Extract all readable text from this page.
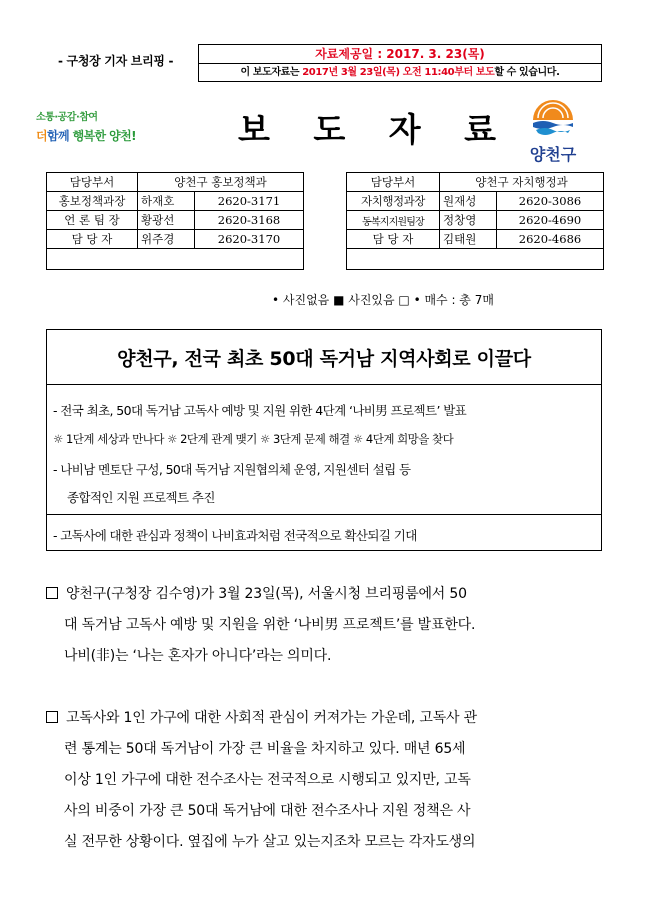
- 구청장 기자 브리핑 -	자료제공일 : 2017. 3. 23(목)
이 보도자료는 2017년 3월 23일(목) 오전 11:40부터 보도할 수 있습니다.
소통·공감·참여
더함께 행복한 양천!	보 도 자 료
양천구
담당부서	양천구 홍보정책과	
홍보정책과장	하재호	2620-3171
언 론 팀 장	황광선	2620-3168
담 당 자	위주경	2620-3170

담당부서	양천구 자치행정과	
자치행정과장	원재성	2620-3086
동복지지원팀장	정창영	2620-4690
담 당 자	김태원	2620-4686

• 사진없음 ■ 사진있음 □ • 매수 : 총 7매
양천구, 전국 최초 50대 독거남 지역사회로 이끌다
- 전국 최초, 50대 독거남 고독사 예방 및 지원 위한 4단계 ‘나비男 프로젝트’ 발표
☼ 1단계 세상과 만나다 ☼ 2단계 관계 맺기 ☼ 3단계 문제 해결 ☼ 4단계 희망을 찾다
- 나비남 멘토단 구성, 50대 독거남 지원협의체 운영, 지원센터 설립 등
종합적인 지원 프로젝트 추진
- 고독사에 대한 관심과 정책이 나비효과처럼 전국적으로 확산되길 기대
양천구(구청장 김수영)가 3월 23일(목), 서울시청 브리핑룸에서 50
대 독거남 고독사 예방 및 지원을 위한 ‘나비男 프로젝트’를 발표한다.
나비(非)는 ‘나는 혼자가 아니다’라는 의미다.
고독사와 1인 가구에 대한 사회적 관심이 커져가는 가운데, 고독사 관
련 통계는 50대 독거남이 가장 큰 비율을 차지하고 있다. 매년 65세
이상 1인 가구에 대한 전수조사는 전국적으로 시행되고 있지만, 고독
사의 비중이 가장 큰 50대 독거남에 대한 전수조사나 지원 정책은 사
실 전무한 상황이다. 옆집에 누가 살고 있는지조차 모르는 각자도생의
